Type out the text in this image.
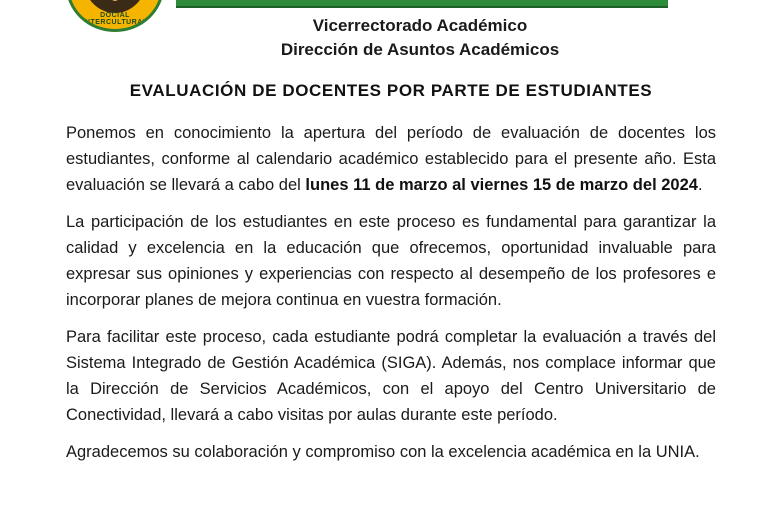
DOCIAL INTERCULTURAL	Vicerrectorado Académico
Dirección de Asuntos Académicos
EVALUACIÓN DE DOCENTES POR PARTE DE ESTUDIANTES

Ponemos en conocimiento la apertura del período de evaluación de docentes los estudiantes, conforme al calendario académico establecido para el presente año. Esta evaluación se llevará a cabo del lunes 11 de marzo al viernes 15 de marzo del 2024.

La participación de los estudiantes en este proceso es fundamental para garantizar la calidad y excelencia en la educación que ofrecemos, oportunidad invaluable para expresar sus opiniones y experiencias con respecto al desempeño de los profesores e incorporar planes de mejora continua en vuestra formación.

Para facilitar este proceso, cada estudiante podrá completar la evaluación a través del Sistema Integrado de Gestión Académica (SIGA). Además, nos complace informar que la Dirección de Servicios Académicos, con el apoyo del Centro Universitario de Conectividad, llevará a cabo visitas por aulas durante este período.

Agradecemos su colaboración y compromiso con la excelencia académica en la UNIA.
